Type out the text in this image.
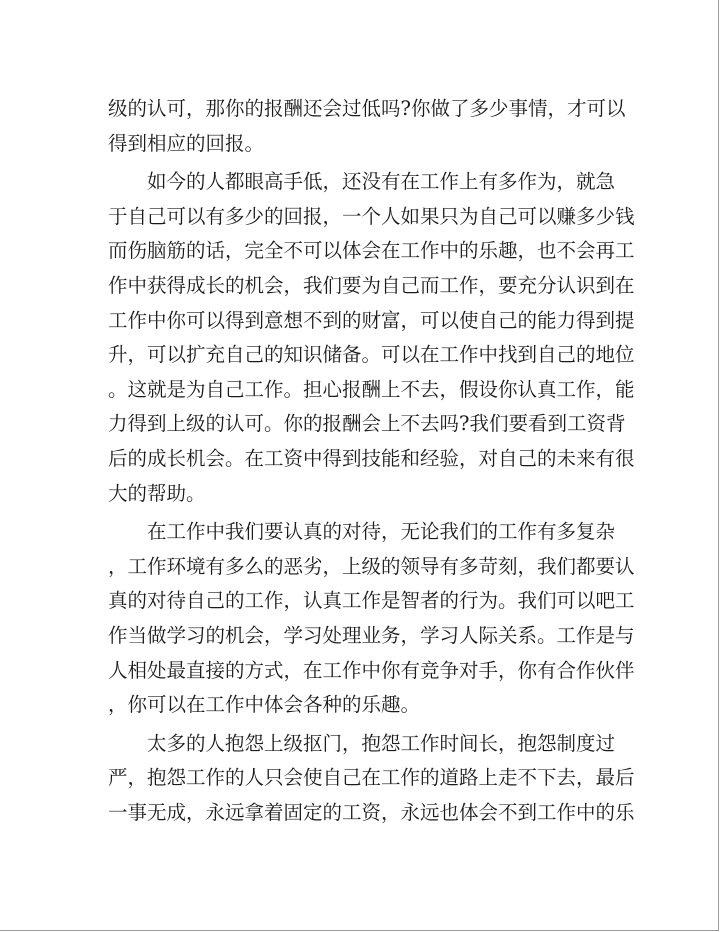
级的认可，那你的报酬还会过低吗?你做了多少事情，才可以
得到相应的回报。
如今的人都眼高手低，还没有在工作上有多作为，就急
于自己可以有多少的回报，一个人如果只为自己可以赚多少钱
而伤脑筋的话，完全不可以体会在工作中的乐趣，也不会再工
作中获得成长的机会，我们要为自己而工作，要充分认识到在
工作中你可以得到意想不到的财富，可以使自己的能力得到提
升，可以扩充自己的知识储备。可以在工作中找到自己的地位
。这就是为自己工作。担心报酬上不去，假设你认真工作，能
力得到上级的认可。你的报酬会上不去吗?我们要看到工资背
后的成长机会。在工资中得到技能和经验，对自己的未来有很
大的帮助。
在工作中我们要认真的对待，无论我们的工作有多复杂
，工作环境有多么的恶劣，上级的领导有多苛刻，我们都要认
真的对待自己的工作，认真工作是智者的行为。我们可以吧工
作当做学习的机会，学习处理业务，学习人际关系。工作是与
人相处最直接的方式，在工作中你有竞争对手，你有合作伙伴
，你可以在工作中体会各种的乐趣。
太多的人抱怨上级抠门，抱怨工作时间长，抱怨制度过
严，抱怨工作的人只会使自己在工作的道路上走不下去，最后
一事无成，永远拿着固定的工资，永远也体会不到工作中的乐
